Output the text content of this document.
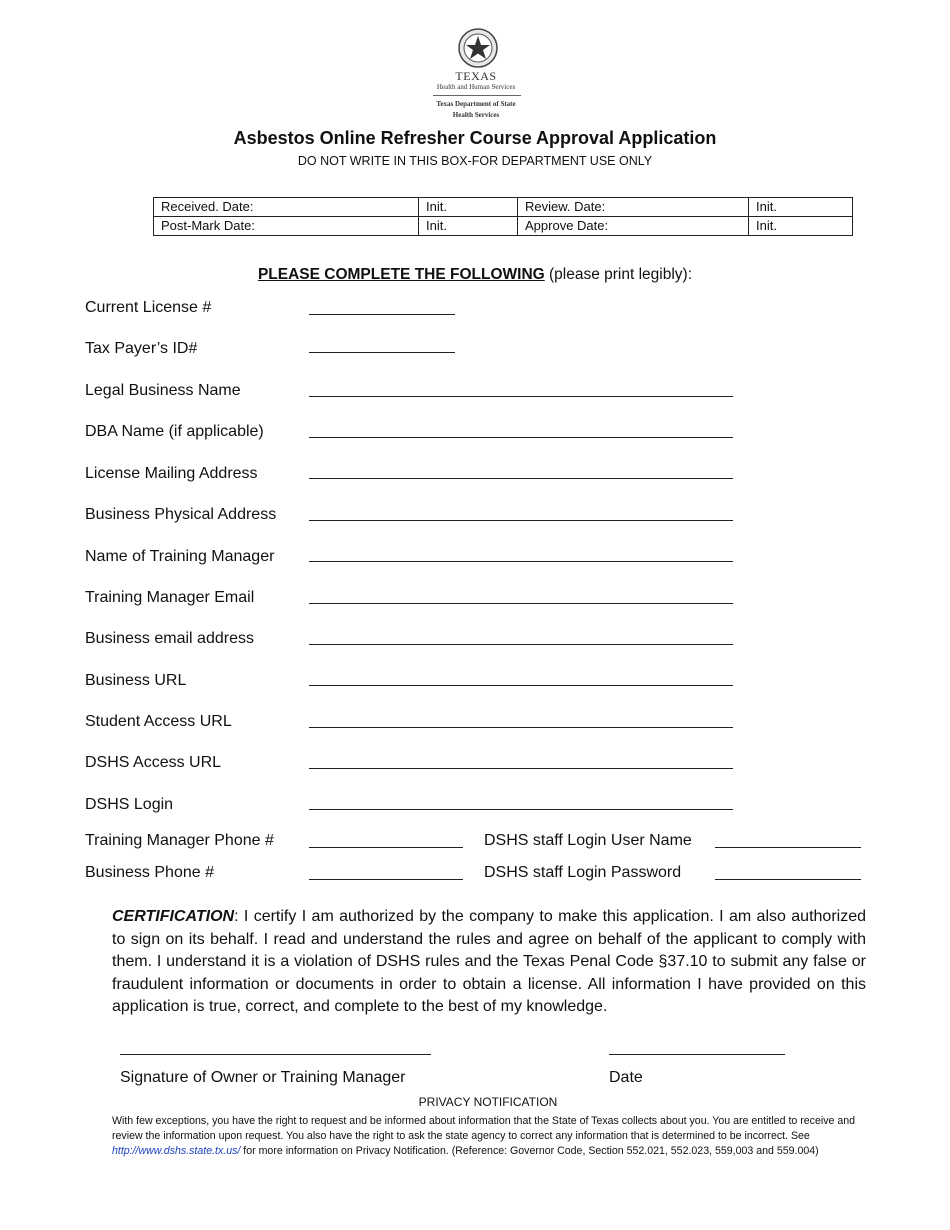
TEXAS
Health and Human Services
Texas Department of State
Health Services
Asbestos Online Refresher Course Approval Application
DO NOT WRITE IN THIS BOX-FOR DEPARTMENT USE ONLY
Received. Date:	Init.	Review. Date:	Init.
Post-Mark Date:	Init.	Approve Date:	Init.
PLEASE COMPLETE THE FOLLOWING (please print legibly):
Current License #
Tax Payer’s ID#
Legal Business Name
DBA Name (if applicable)
License Mailing Address
Business Physical Address
Name of Training Manager
Training Manager Email
Business email address
Business URL
Student Access URL
DSHS Access URL
DSHS Login
Training Manager Phone #	DSHS staff Login User Name
Business Phone #	DSHS staff Login Password
CERTIFICATION: I certify I am authorized by the company to make this application. I am also authorized to sign on its behalf. I read and understand the rules and agree on behalf of the applicant to comply with them. I understand it is a violation of DSHS rules and the Texas Penal Code §37.10 to submit any false or fraudulent information or documents in order to obtain a license. All information I have provided on this application is true, correct, and complete to the best of my knowledge.
Signature of Owner or Training Manager	Date
PRIVACY NOTIFICATION
With few exceptions, you have the right to request and be informed about information that the State of Texas collects about you. You are entitled to receive and review the information upon request. You also have the right to ask the state agency to correct any information that is determined to be incorrect. See http://www.dshs.state.tx.us/ for more information on Privacy Notification. (Reference: Governor Code, Section 552.021, 552.023, 559,003 and 559.004)
